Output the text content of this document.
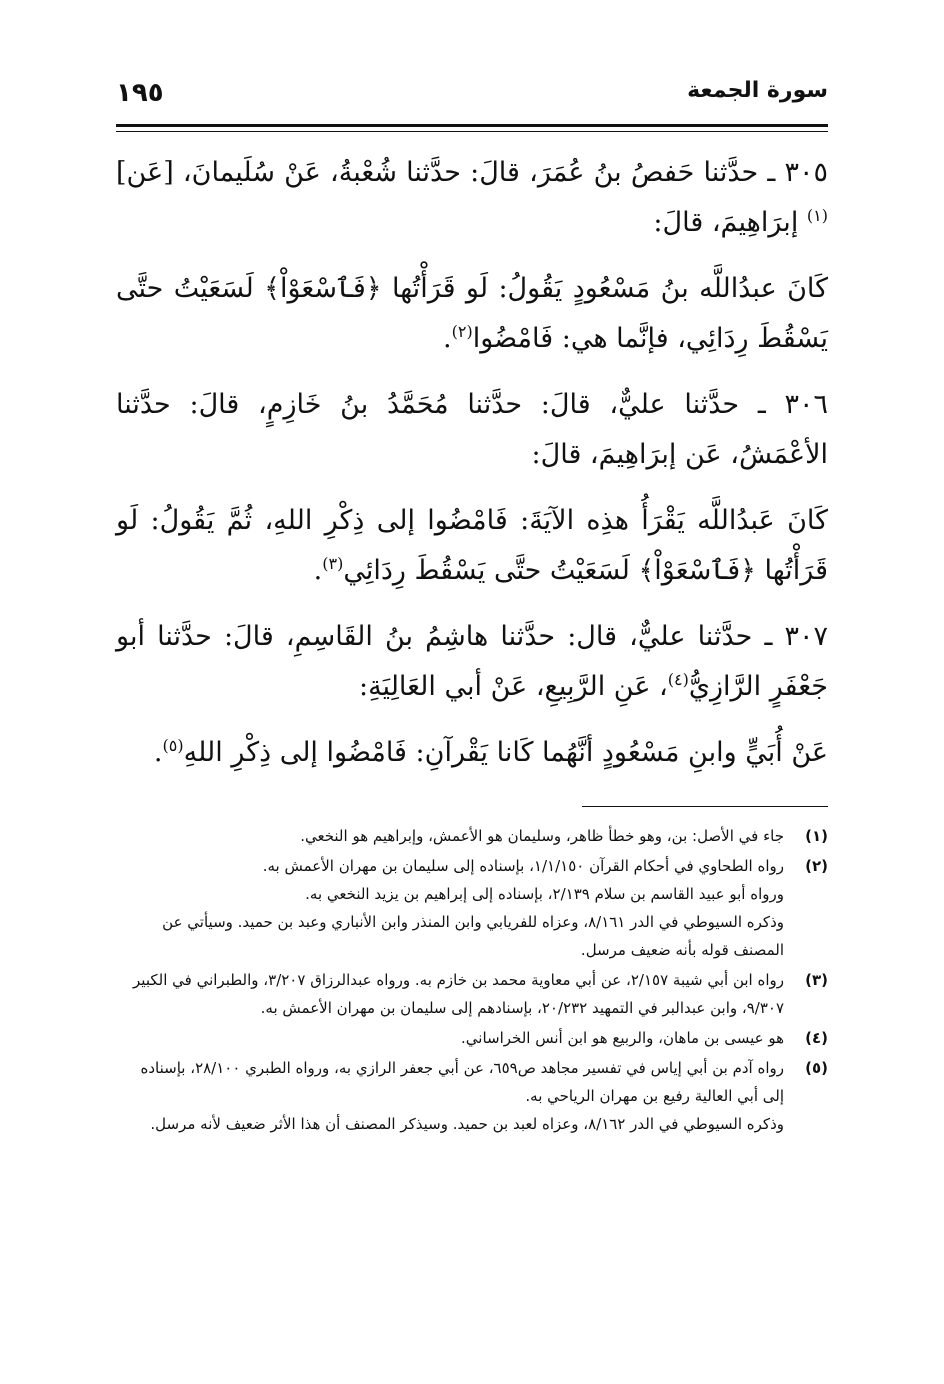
١٩٥	سورة الجمعة

٣٠٥ ـ حدَّثنا حَفصُ بنُ عُمَرَ، قالَ: حدَّثنا شُعْبةُ، عَنْ سُلَيمانَ، [عَن]$^{(١)}$ إبرَاهِيمَ، قالَ:

كَانَ عبدُاللَّه بنُ مَسْعُودٍ يَقُولُ: لَو قَرَأْتُها ﴿فَٱسْعَوْاْ﴾ لَسَعَيْتُ حتَّى يَسْقُطَ رِدَائِي، فإنَّما هي: فَامْضُوا$^{(٢)}$.

٣٠٦ ـ حدَّثنا عليٌّ، قالَ: حدَّثنا مُحَمَّدُ بنُ خَازِمٍ، قالَ: حدَّثنا الأعْمَشُ، عَن إبرَاهِيمَ، قالَ:

كَانَ عَبدُاللَّه يَقْرَأُ هذِه الآيَةَ: فَامْضُوا إلى ذِكْرِ اللهِ، ثُمَّ يَقُولُ: لَو قَرَأْتُها ﴿فَٱسْعَوْاْ﴾ لَسَعَيْتُ حتَّى يَسْقُطَ رِدَائِي$^{(٣)}$.

٣٠٧ ـ حدَّثنا عليٌّ، قال: حدَّثنا هاشِمُ بنُ القَاسِمِ، قالَ: حدَّثنا أبو جَعْفَرٍ الرَّازِيُّ$^{(٤)}$، عَنِ الرَّبِيعِ، عَنْ أبي العَالِيَةِ:

عَنْ أُبَيٍّ وابنِ مَسْعُودٍ أنَّهُما كَانا يَقْرآنِ: فَامْضُوا إلى ذِكْرِ اللهِ$^{(٥)}$.

(١)
جاء في الأصل: بن، وهو خطأ ظاهر، وسليمان هو الأعمش، وإبراهيم هو النخعي.
(٢)
رواه الطحاوي في أحكام القرآن ١/١/١٥٠، بإسناده إلى سليمان بن مهران الأعمش به.
ورواه أبو عبيد القاسم بن سلام ٢/١٣٩، بإسناده إلى إبراهيم بن يزيد النخعي به.
وذكره السيوطي في الدر ٨/١٦١، وعزاه للفريابي وابن المنذر وابن الأنباري وعبد بن حميد. وسيأتي عن المصنف قوله بأنه ضعيف مرسل.
(٣)
رواه ابن أبي شيبة ٢/١٥٧، عن أبي معاوية محمد بن خازم به. ورواه عبدالرزاق ٣/٢٠٧، والطبراني في الكبير ٩/٣٠٧، وابن عبدالبر في التمهيد ٢٠/٢٣٢، بإسنادهم إلى سليمان بن مهران الأعمش به.
(٤)
هو عيسى بن ماهان، والربيع هو ابن أنس الخراساني.
(٥)
رواه آدم بن أبي إياس في تفسير مجاهد ص٦٥٩، عن أبي جعفر الرازي به، ورواه الطبري ٢٨/١٠٠، بإسناده إلى أبي العالية رفيع بن مهران الرياحي به.
وذكره السيوطي في الدر ٨/١٦٢، وعزاه لعبد بن حميد. وسيذكر المصنف أن هذا الأثر ضعيف لأنه مرسل.
